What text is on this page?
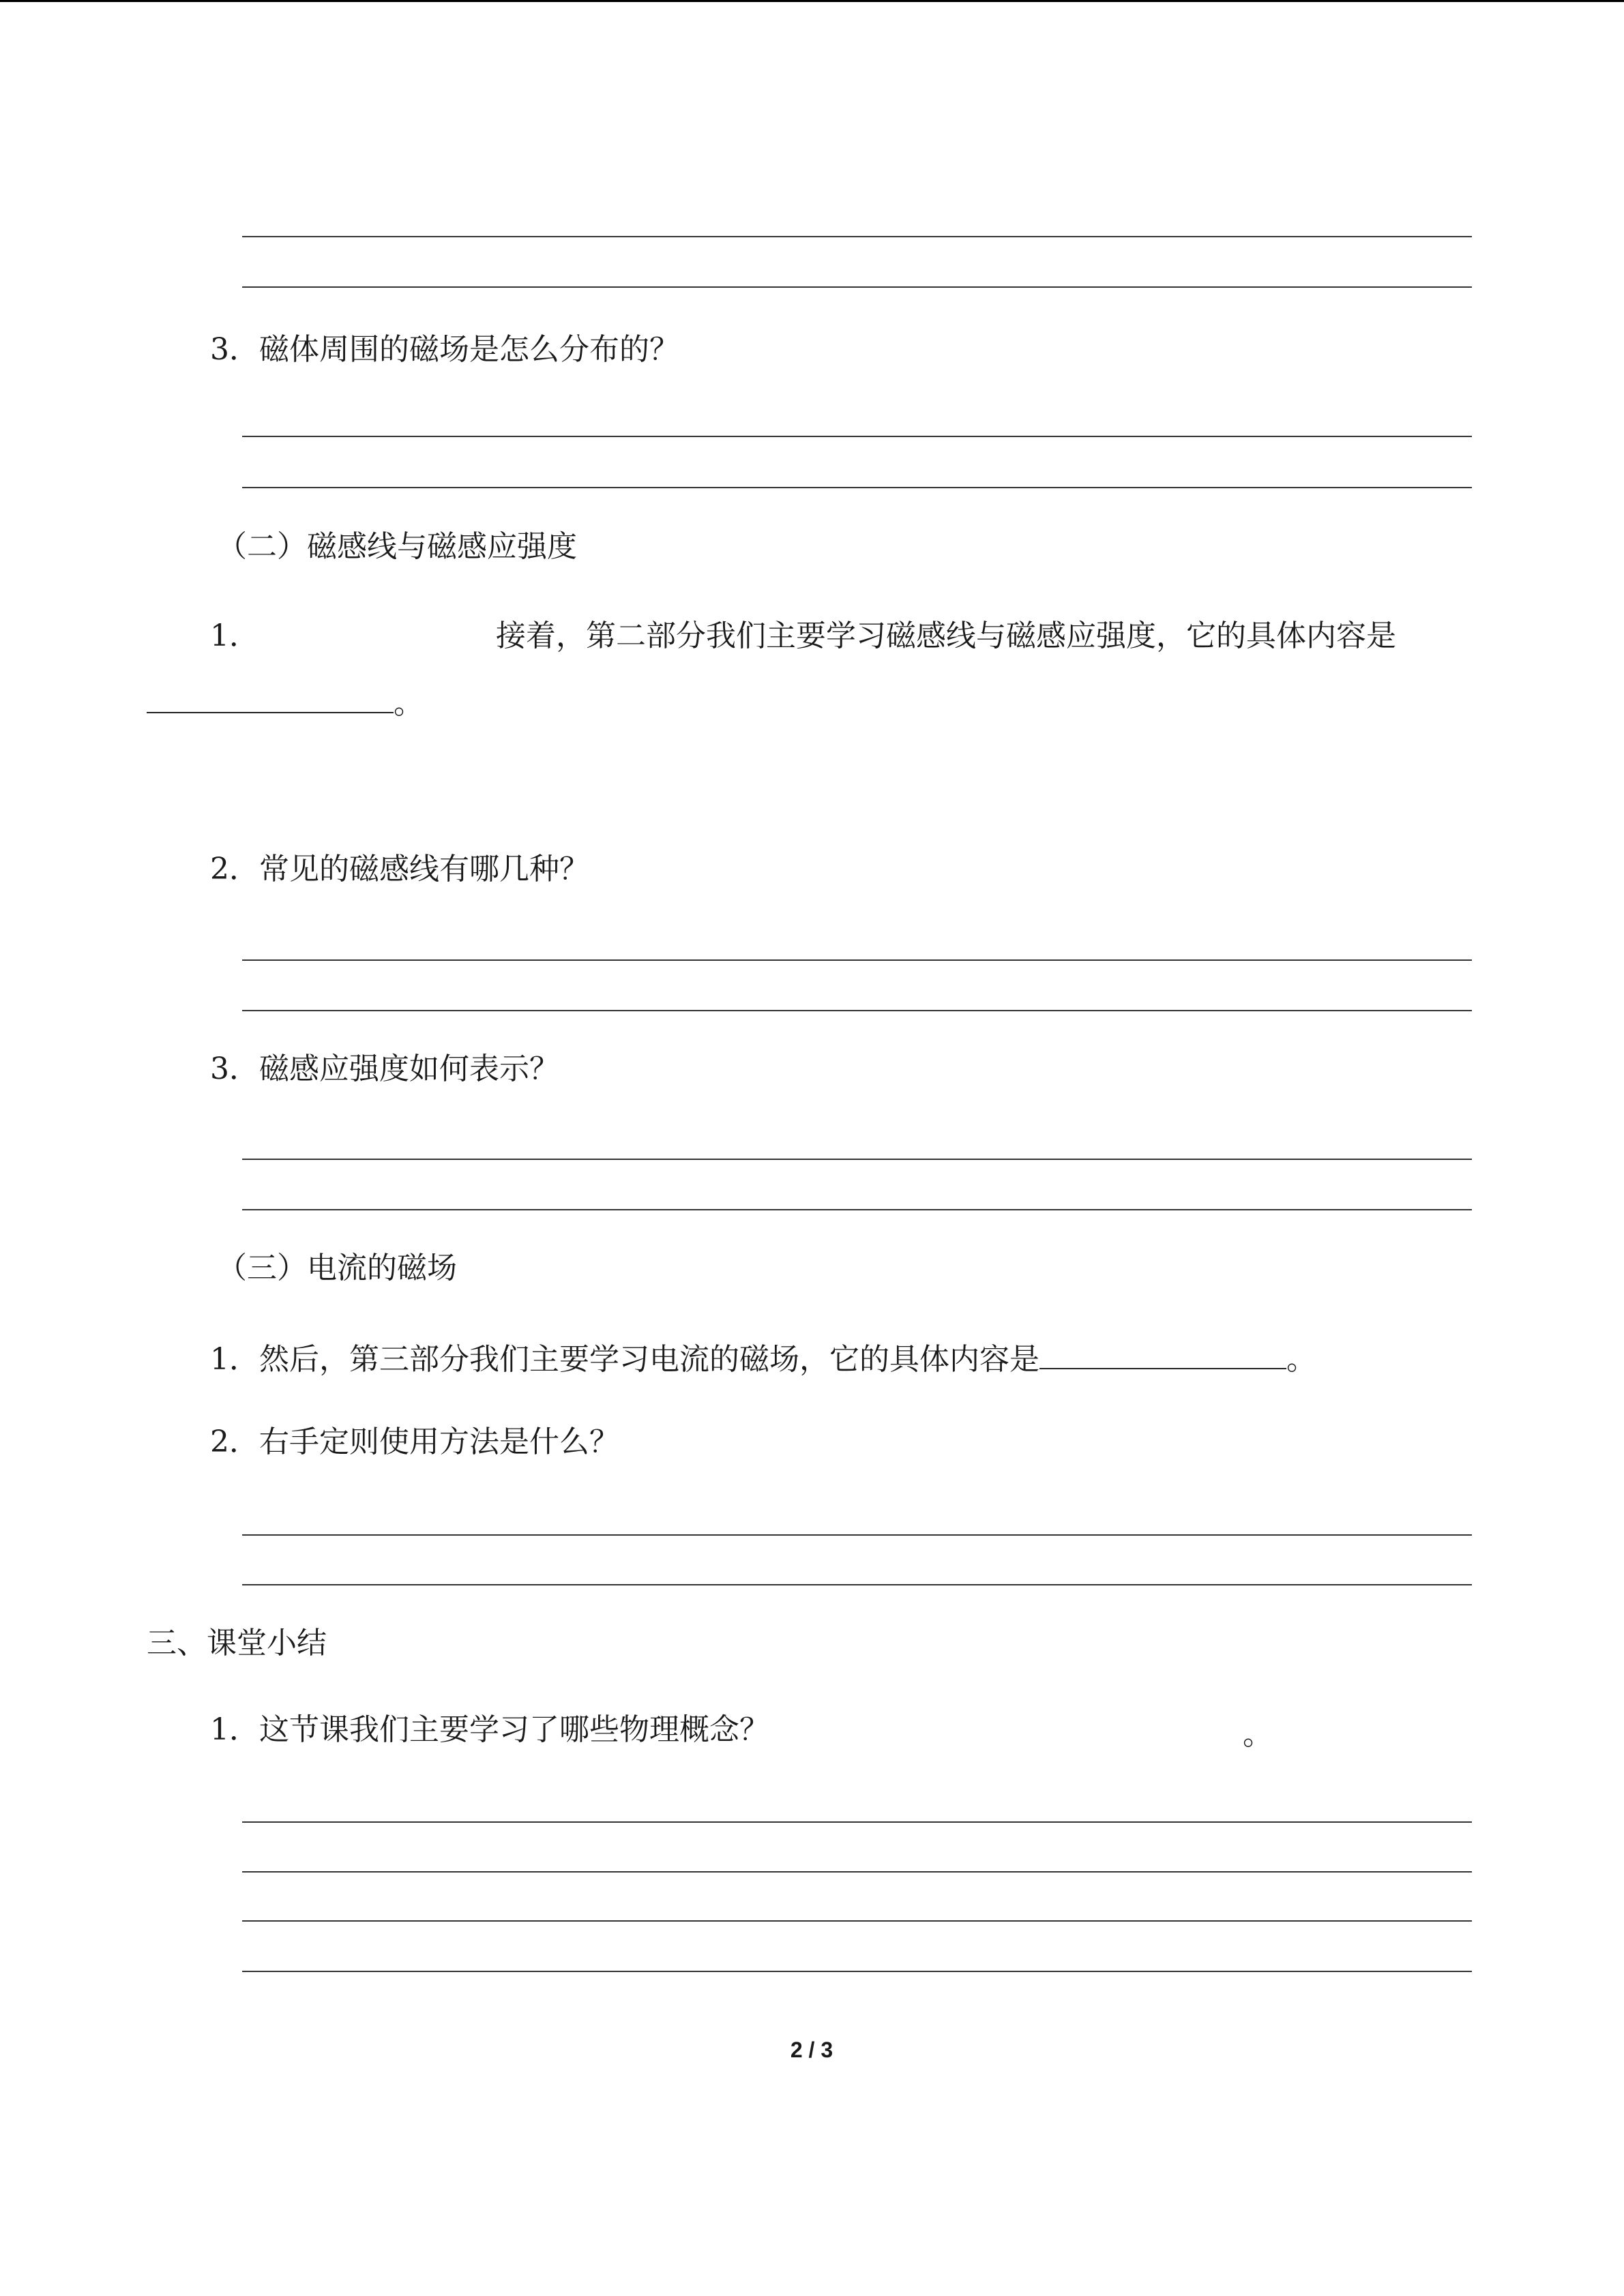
3．磁体周围的磁场是怎么分布的？
（二）磁感线与磁感应强度
1．	接着，第二部分我们主要学习磁感线与磁感应强度，它的具体内容是
。
2．常见的磁感线有哪几种？
3．磁感应强度如何表示？
（三）电流的磁场
1．然后，第三部分我们主要学习电流的磁场，它的具体内容是	。
2．右手定则使用方法是什么？
三、课堂小结
1．这节课我们主要学习了哪些物理概念？	。
2 / 3
